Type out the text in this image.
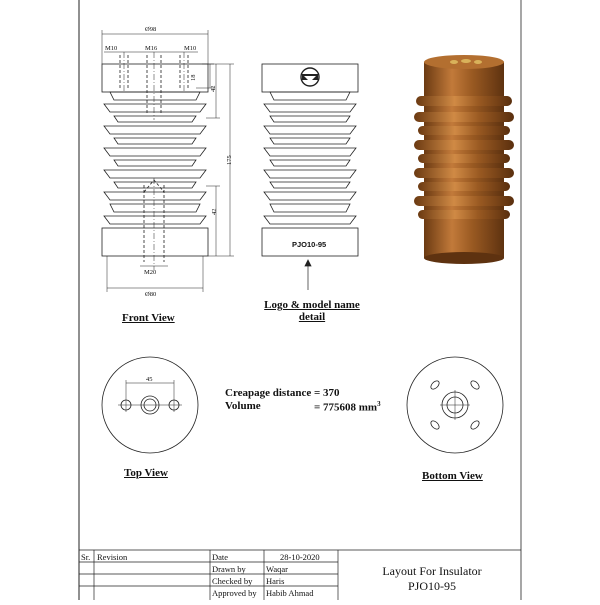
Ø98
M10	M16	M10
18
42
175
42
M20
Ø80
PJO10-95
45
Front View
Logo & model name
detail
Top View	Bottom View
Creapage distance = 370
Volume	= 775608 $mm^3$
Sr. Revision	Date	28-10-2020
Drawn by Waqar
Checked by Haris
Approved by Habib Ahmad
Layout For Insulator
PJO10-95
